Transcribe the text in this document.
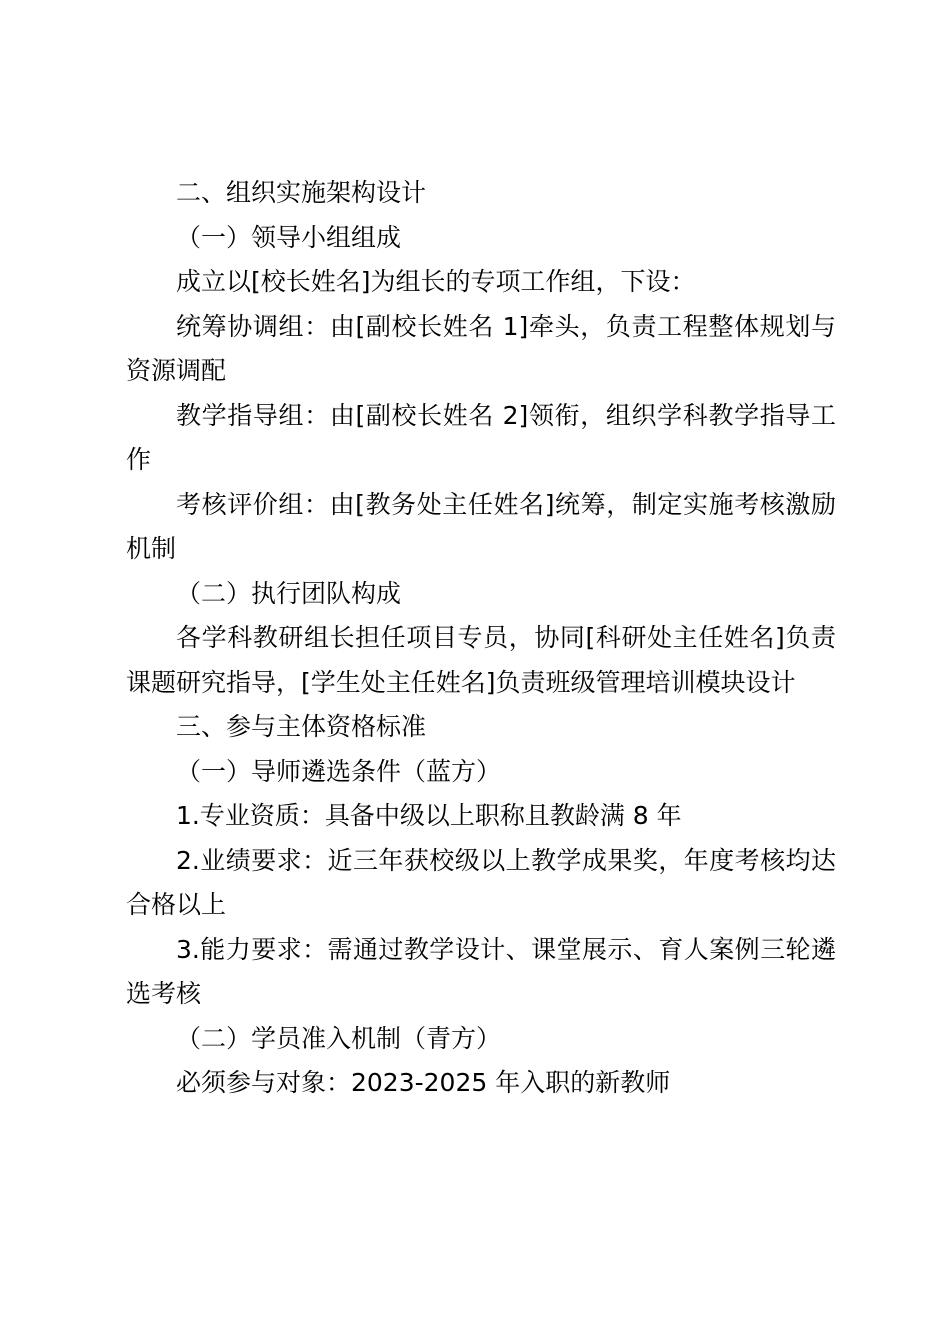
二、组织实施架构设计

（一）领导小组组成

成立以[校长姓名]为组长的专项工作组，下设：

统筹协调组：由[副校长姓名 1]牵头，负责工程整体规划与资源调配

教学指导组：由[副校长姓名 2]领衔，组织学科教学指导工作

考核评价组：由[教务处主任姓名]统筹，制定实施考核激励机制

（二）执行团队构成

各学科教研组长担任项目专员，协同[科研处主任姓名]负责课题研究指导，[学生处主任姓名]负责班级管理培训模块设计

三、参与主体资格标准

（一）导师遴选条件（蓝方）

1.专业资质：具备中级以上职称且教龄满 8 年

2.业绩要求：近三年获校级以上教学成果奖，年度考核均达合格以上

3.能力要求：需通过教学设计、课堂展示、育人案例三轮遴选考核

（二）学员准入机制（青方）

必须参与对象：2023-2025 年入职的新教师
